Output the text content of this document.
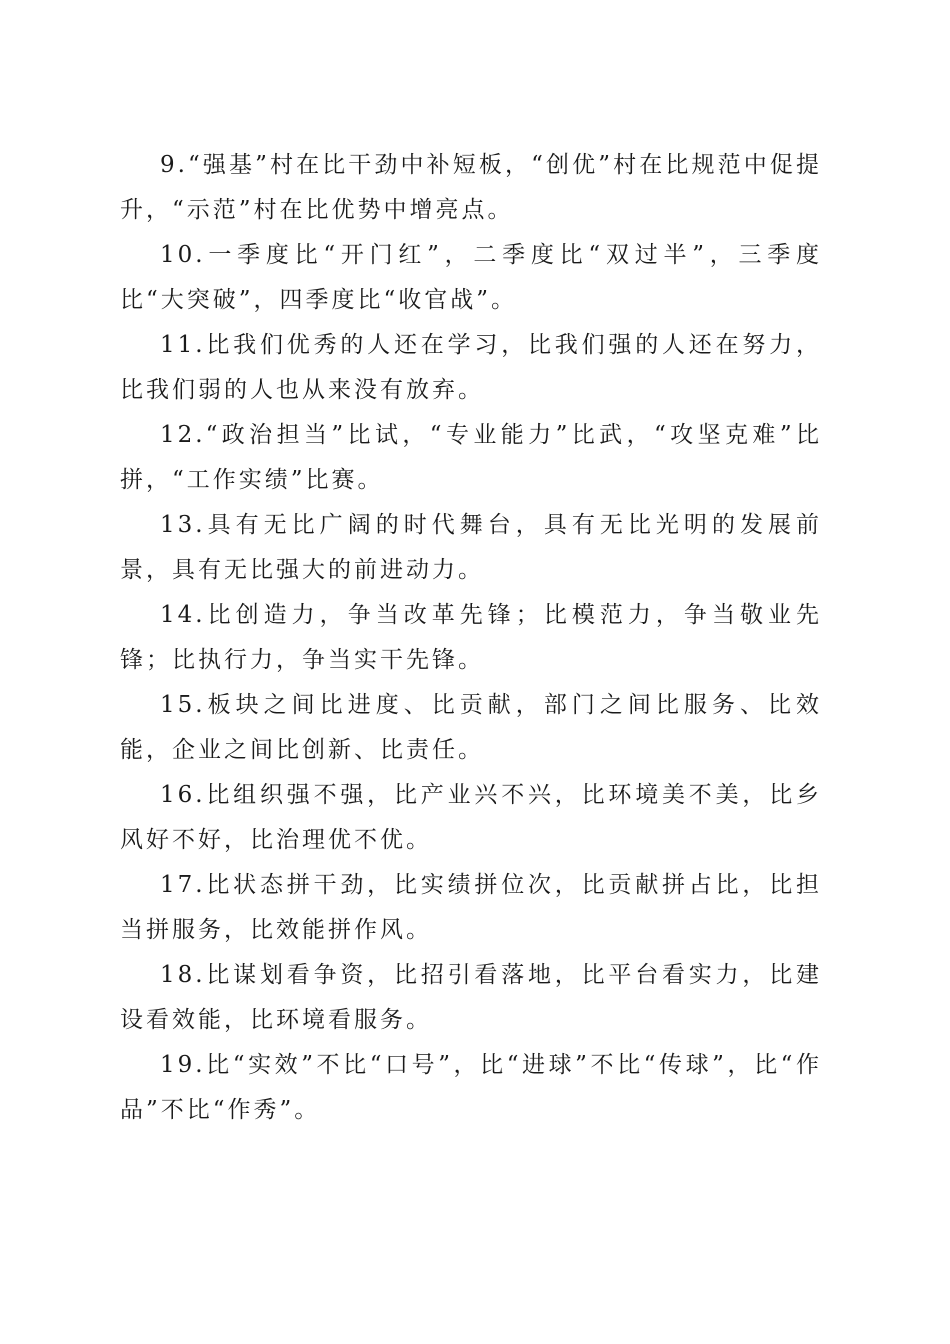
9.“强基”村在比干劲中补短板，“创优”村在比规范中促提升，“示范”村在比优势中增亮点。

10.一季度比“开门红”，二季度比“双过半”，三季度比“大突破”，四季度比“收官战”。

11.比我们优秀的人还在学习，比我们强的人还在努力，比我们弱的人也从来没有放弃。

12.“政治担当”比试，“专业能力”比武，“攻坚克难”比拼，“工作实绩”比赛。

13.具有无比广阔的时代舞台，具有无比光明的发展前景，具有无比强大的前进动力。

14.比创造力，争当改革先锋；比模范力，争当敬业先锋；比执行力，争当实干先锋。

15.板块之间比进度、比贡献，部门之间比服务、比效能，企业之间比创新、比责任。

16.比组织强不强，比产业兴不兴，比环境美不美，比乡风好不好，比治理优不优。

17.比状态拼干劲，比实绩拼位次，比贡献拼占比，比担当拼服务，比效能拼作风。

18.比谋划看争资，比招引看落地，比平台看实力，比建设看效能，比环境看服务。

19.比“实效”不比“口号”，比“进球”不比“传球”，比“作品”不比“作秀”。
